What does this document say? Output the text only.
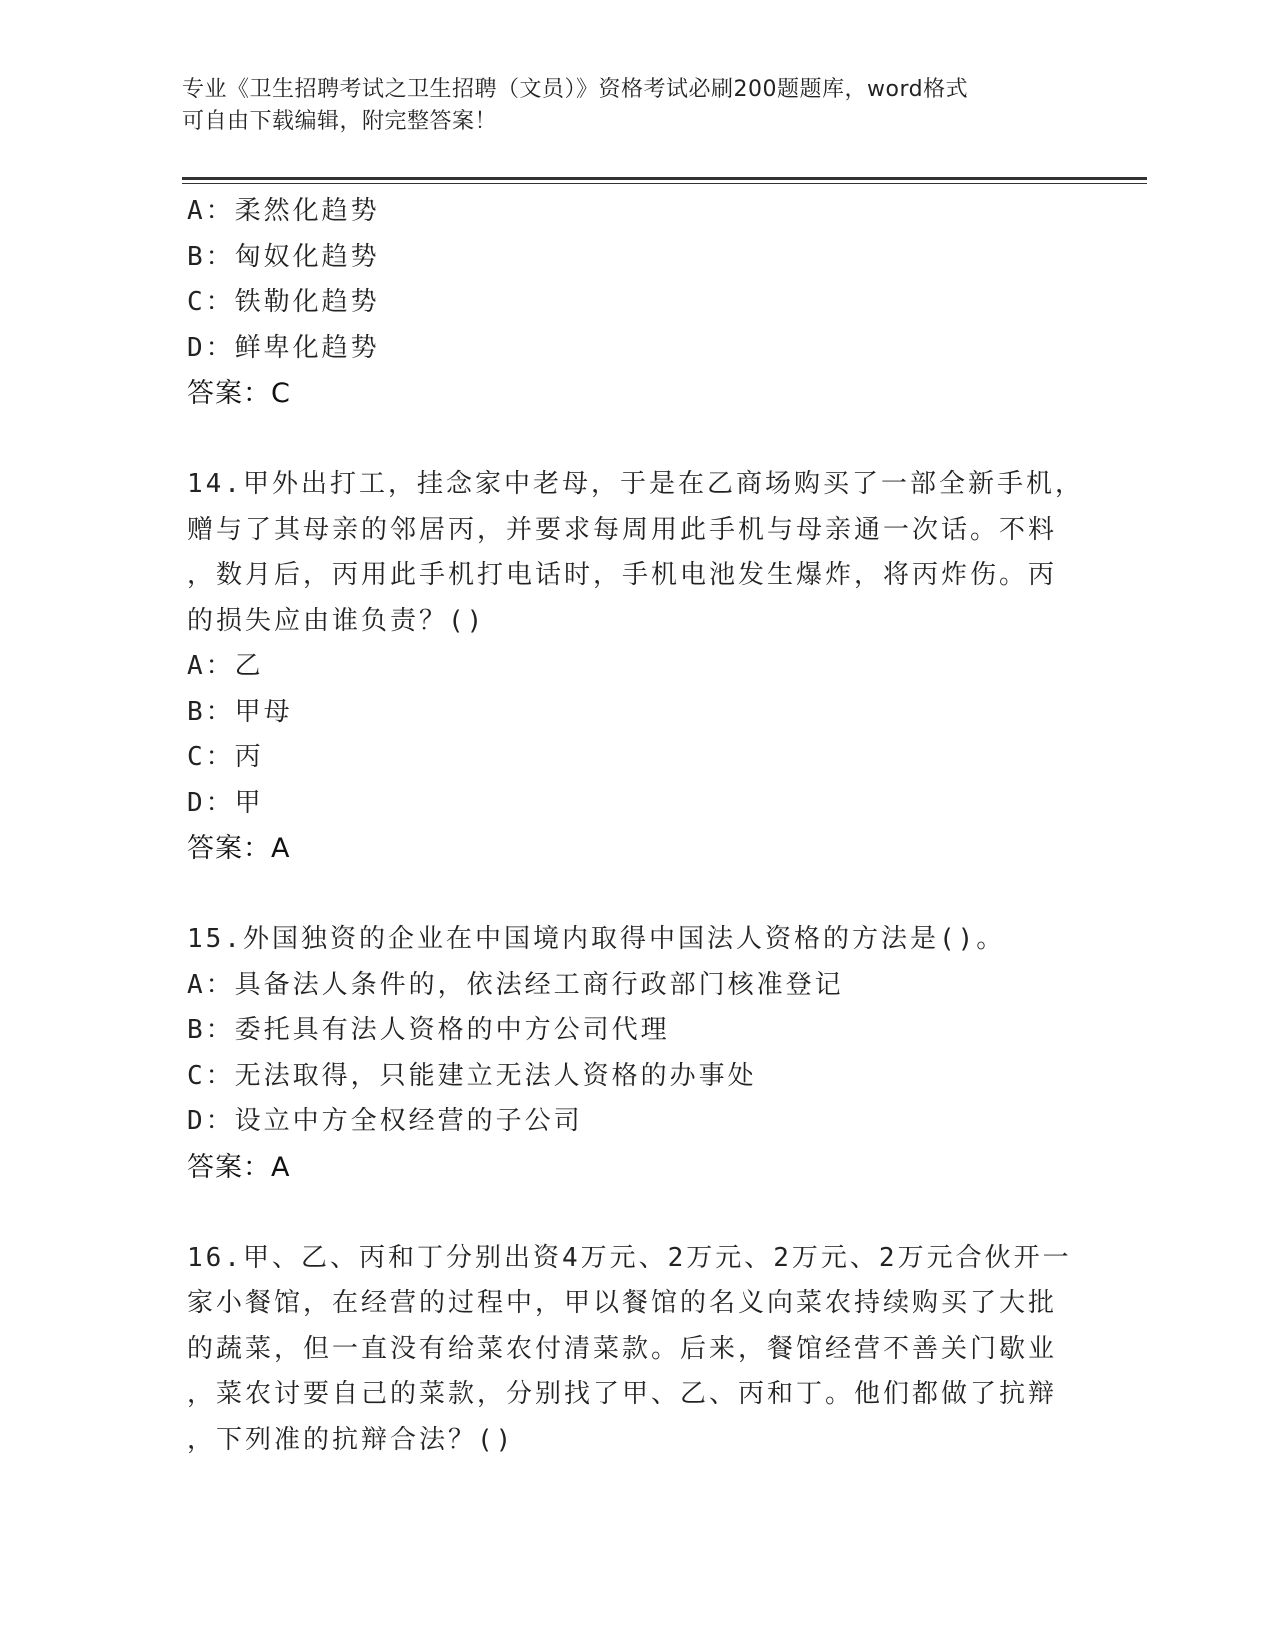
专业《卫生招聘考试之卫生招聘（文员）》资格考试必刷200题题库，word格式
可自由下载编辑，附完整答案！
A：柔然化趋势
B：匈奴化趋势
C：铁勒化趋势
D：鲜卑化趋势
答案：C
14.甲外出打工，挂念家中老母，于是在乙商场购买了一部全新手机，
赠与了其母亲的邻居丙，并要求每周用此手机与母亲通一次话。不料
，数月后，丙用此手机打电话时，手机电池发生爆炸，将丙炸伤。丙
的损失应由谁负责？()
A：乙
B：甲母
C：丙
D：甲
答案：A
15.外国独资的企业在中国境内取得中国法人资格的方法是()。
A：具备法人条件的，依法经工商行政部门核准登记
B：委托具有法人资格的中方公司代理
C：无法取得，只能建立无法人资格的办事处
D：设立中方全权经营的子公司
答案：A
16.甲、乙、丙和丁分别出资4万元、2万元、2万元、2万元合伙开一
家小餐馆，在经营的过程中，甲以餐馆的名义向菜农持续购买了大批
的蔬菜，但一直没有给菜农付清菜款。后来，餐馆经营不善关门歇业
，菜农讨要自己的菜款，分别找了甲、乙、丙和丁。他们都做了抗辩
，下列准的抗辩合法？()
